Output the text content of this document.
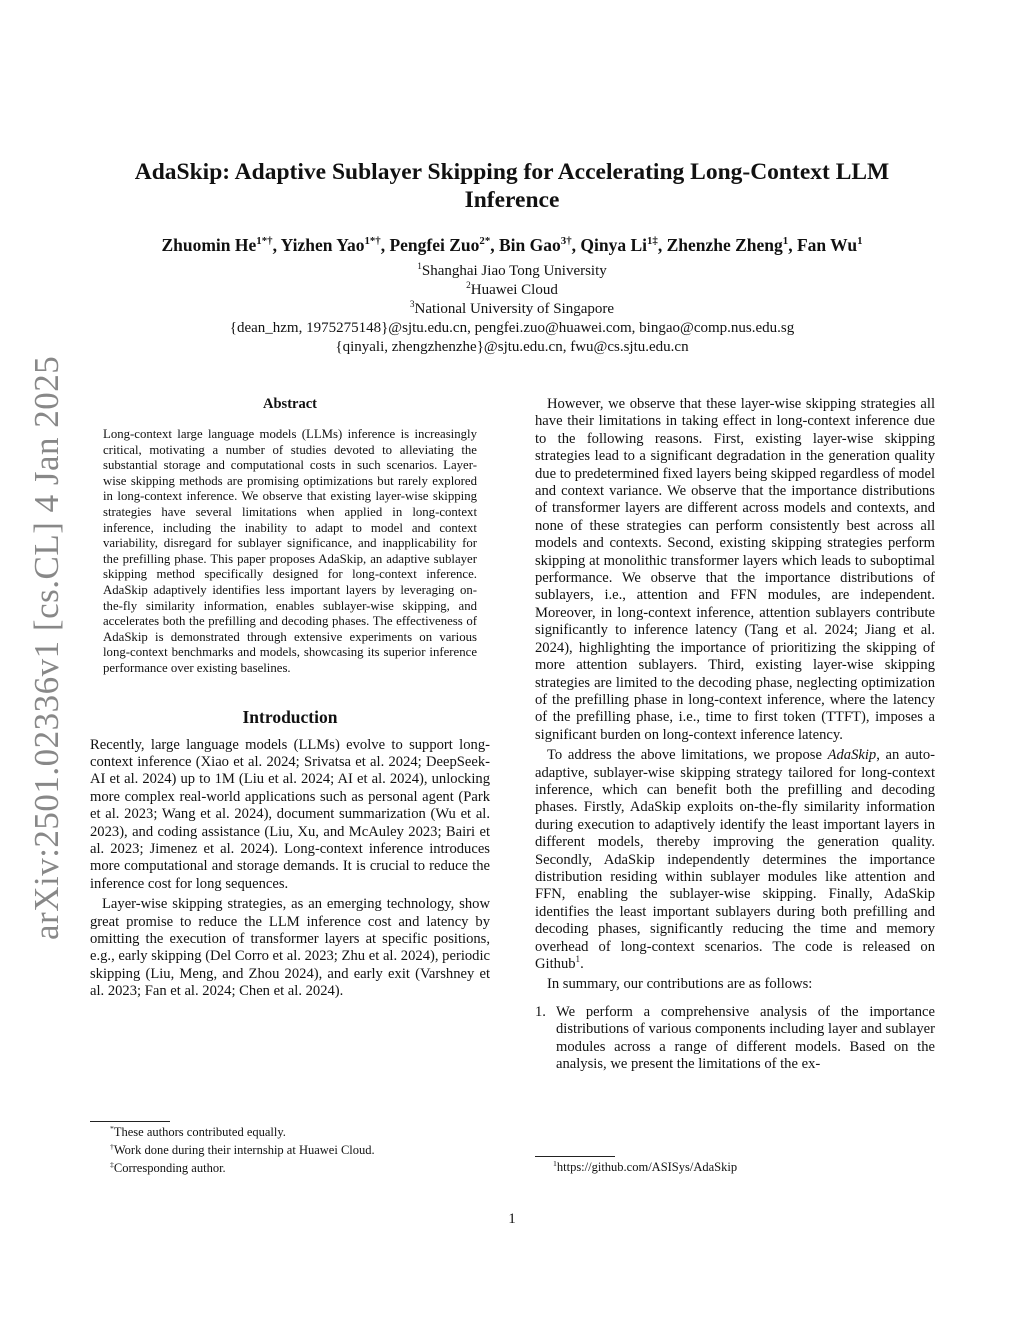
arXiv:2501.02336v1 [cs.CL] 4 Jan 2025
AdaSkip: Adaptive Sublayer Skipping for Accelerating Long-Context LLM
Inference
Zhuomin $He^{1*\dagger}$, Yizhen Yao$^{1*\dagger}$, Pengfei Zuo$^{2*}$, Bin Gao$^{3\dagger}$, Qinya $Li^{1\ddagger}$, Zhenzhe Zheng$^1$, Fan Wu$^1$
$^1$Shanghai Jiao Tong University
$^2$Huawei Cloud
$^3$National University of Singapore
{dean_hzm, 1975275148}@sjtu.edu.cn, pengfei.zuo@huawei.com, bingao@comp.nus.edu.sg
{qinyali, zhengzhenzhe}@sjtu.edu.cn, fwu@cs.sjtu.edu.cn
Abstract

Long-context large language models (LLMs) inference is increasingly critical, motivating a number of studies devoted to alleviating the substantial storage and computational costs in such scenarios. Layer-wise skipping methods are promising optimizations but rarely explored in long-context inference. We observe that existing layer-wise skipping strategies have several limitations when applied in long-context inference, including the inability to adapt to model and context variability, disregard for sublayer significance, and inapplicability for the prefilling phase. This paper proposes AdaSkip, an adaptive sublayer skipping method specifically designed for long-context inference. AdaSkip adaptively identifies less important layers by leveraging on-the-fly similarity information, enables sublayer-wise skipping, and accelerates both the prefilling and decoding phases. The effectiveness of AdaSkip is demonstrated through extensive experiments on various long-context benchmarks and models, showcasing its superior inference performance over existing baselines.

Introduction

Recently, large language models (LLMs) evolve to support long-context inference (Xiao et al. 2024; Srivatsa et al. 2024; DeepSeek-AI et al. 2024) up to 1M (Liu et al. 2024; AI et al. 2024), unlocking more complex real-world applications such as personal agent (Park et al. 2023; Wang et al. 2024), document summarization (Wu et al. 2023), and coding assistance (Liu, Xu, and McAuley 2023; Bairi et al. 2023; Jimenez et al. 2024). Long-context inference introduces more computational and storage demands. It is crucial to reduce the inference cost for long sequences.

Layer-wise skipping strategies, as an emerging technology, show great promise to reduce the LLM inference cost and latency by omitting the execution of transformer layers at specific positions, e.g., early skipping (Del Corro et al. 2023; Zhu et al. 2024), periodic skipping (Liu, Meng, and Zhou 2024), and early exit (Varshney et al. 2023; Fan et al. 2024; Chen et al. 2024).

*These authors contributed equally.
†Work done during their internship at Huawei Cloud.
‡Corresponding author.

However, we observe that these layer-wise skipping strategies all have their limitations in taking effect in long-context inference due to the following reasons. First, existing layer-wise skipping strategies lead to a significant degradation in the generation quality due to predetermined fixed layers being skipped regardless of model and context variance. We observe that the importance distributions of transformer layers are different across models and contexts, and none of these strategies can perform consistently best across all models and contexts. Second, existing skipping strategies perform skipping at monolithic transformer layers which leads to suboptimal performance. We observe that the importance distributions of sublayers, i.e., attention and FFN modules, are independent. Moreover, in long-context inference, attention sublayers contribute significantly to inference latency (Tang et al. 2024; Jiang et al. 2024), highlighting the importance of prioritizing the skipping of more attention sublayers. Third, existing layer-wise skipping strategies are limited to the decoding phase, neglecting optimization of the prefilling phase in long-context inference, where the latency of the prefilling phase, i.e., time to first token (TTFT), imposes a significant burden on long-context inference latency.

To address the above limitations, we propose AdaSkip, an auto-adaptive, sublayer-wise skipping strategy tailored for long-context inference, which can benefit both the prefilling and decoding phases. Firstly, AdaSkip exploits on-the-fly similarity information during execution to adaptively identify the least important layers in different models, thereby improving the generation quality. Secondly, AdaSkip independently determines the importance distribution residing within sublayer modules like attention and FFN, enabling the sublayer-wise skipping. Finally, AdaSkip identifies the least important sublayers during both prefilling and decoding phases, significantly reducing the time and memory overhead of long-context scenarios. The code is released on Github$^1$.

In summary, our contributions are as follows:

1. We perform a comprehensive analysis of the importance distributions of various components including layer and sublayer modules across a range of different models. Based on the analysis, we present the limitations of the ex-
$^1$https://github.com/ASISys/AdaSkip
1
